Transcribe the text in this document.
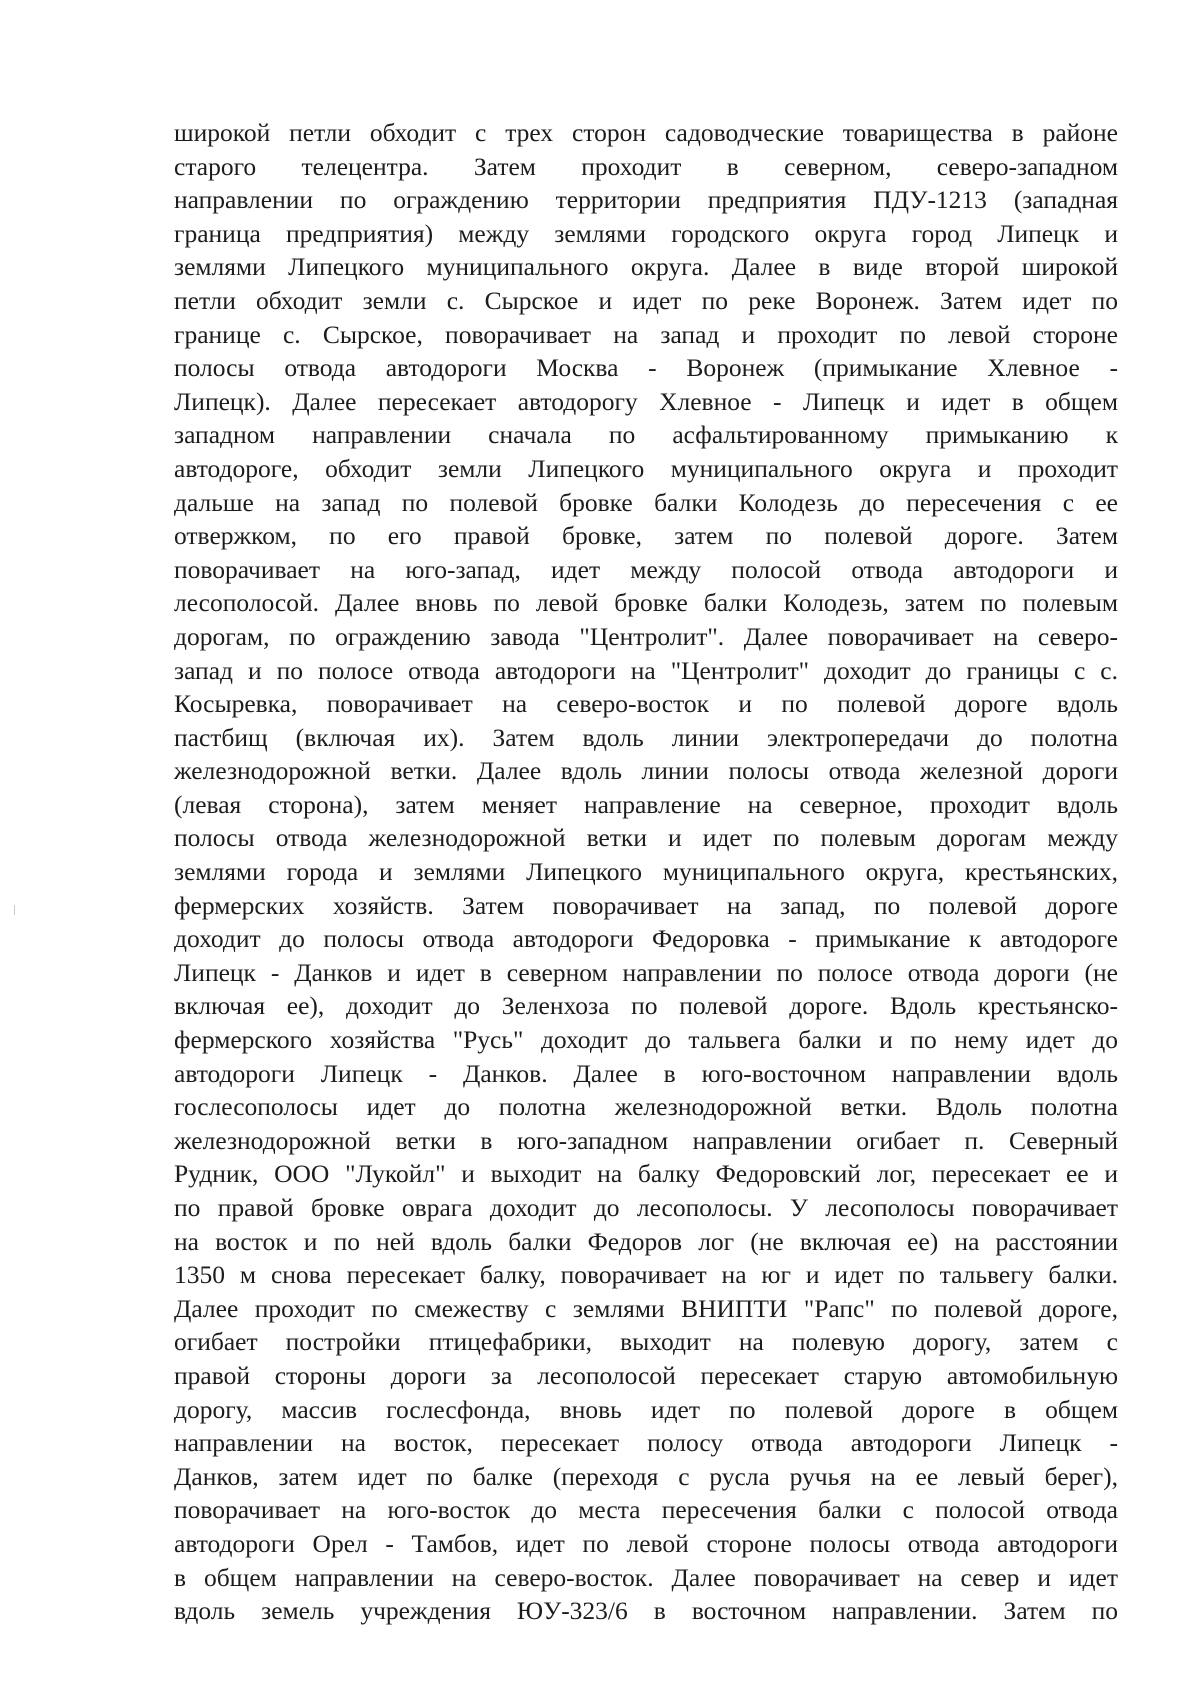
широкой петли обходит с трех сторон садоводческие товарищества в районе
старого телецентра. Затем проходит в северном, северо-западном
направлении по ограждению территории предприятия ПДУ-1213 (западная
граница предприятия) между землями городского округа город Липецк и
землями Липецкого муниципального округа. Далее в виде второй широкой
петли обходит земли с. Сырское и идет по реке Воронеж. Затем идет по
границе с. Сырское, поворачивает на запад и проходит по левой стороне
полосы отвода автодороги Москва - Воронеж (примыкание Хлевное -
Липецк). Далее пересекает автодорогу Хлевное - Липецк и идет в общем
западном направлении сначала по асфальтированному примыканию к
автодороге, обходит земли Липецкого муниципального округа и проходит
дальше на запад по полевой бровке балки Колодезь до пересечения с ее
отвержком, по его правой бровке, затем по полевой дороге. Затем
поворачивает на юго-запад, идет между полосой отвода автодороги и
лесополосой. Далее вновь по левой бровке балки Колодезь, затем по полевым
дорогам, по ограждению завода "Центролит". Далее поворачивает на северо-
запад и по полосе отвода автодороги на "Центролит" доходит до границы с с.
Косыревка, поворачивает на северо-восток и по полевой дороге вдоль
пастбищ (включая их). Затем вдоль линии электропередачи до полотна
железнодорожной ветки. Далее вдоль линии полосы отвода железной дороги
(левая сторона), затем меняет направление на северное, проходит вдоль
полосы отвода железнодорожной ветки и идет по полевым дорогам между
землями города и землями Липецкого муниципального округа, крестьянских,
фермерских хозяйств. Затем поворачивает на запад, по полевой дороге
доходит до полосы отвода автодороги Федоровка - примыкание к автодороге
Липецк - Данков и идет в северном направлении по полосе отвода дороги (не
включая ее), доходит до Зеленхоза по полевой дороге. Вдоль крестьянско-
фермерского хозяйства "Русь" доходит до тальвега балки и по нему идет до
автодороги Липецк - Данков. Далее в юго-восточном направлении вдоль
гослесополосы идет до полотна железнодорожной ветки. Вдоль полотна
железнодорожной ветки в юго-западном направлении огибает п. Северный
Рудник, ООО "Лукойл" и выходит на балку Федоровский лог, пересекает ее и
по правой бровке оврага доходит до лесополосы. У лесополосы поворачивает
на восток и по ней вдоль балки Федоров лог (не включая ее) на расстоянии
1350 м снова пересекает балку, поворачивает на юг и идет по тальвегу балки.
Далее проходит по смежеству с землями ВНИПТИ "Рапс" по полевой дороге,
огибает постройки птицефабрики, выходит на полевую дорогу, затем с
правой стороны дороги за лесополосой пересекает старую автомобильную
дорогу, массив гослесфонда, вновь идет по полевой дороге в общем
направлении на восток, пересекает полосу отвода автодороги Липецк -
Данков, затем идет по балке (переходя с русла ручья на ее левый берег),
поворачивает на юго-восток до места пересечения балки с полосой отвода
автодороги Орел - Тамбов, идет по левой стороне полосы отвода автодороги
в общем направлении на северо-восток. Далее поворачивает на север и идет
вдоль земель учреждения ЮУ-323/6 в восточном направлении. Затем по
